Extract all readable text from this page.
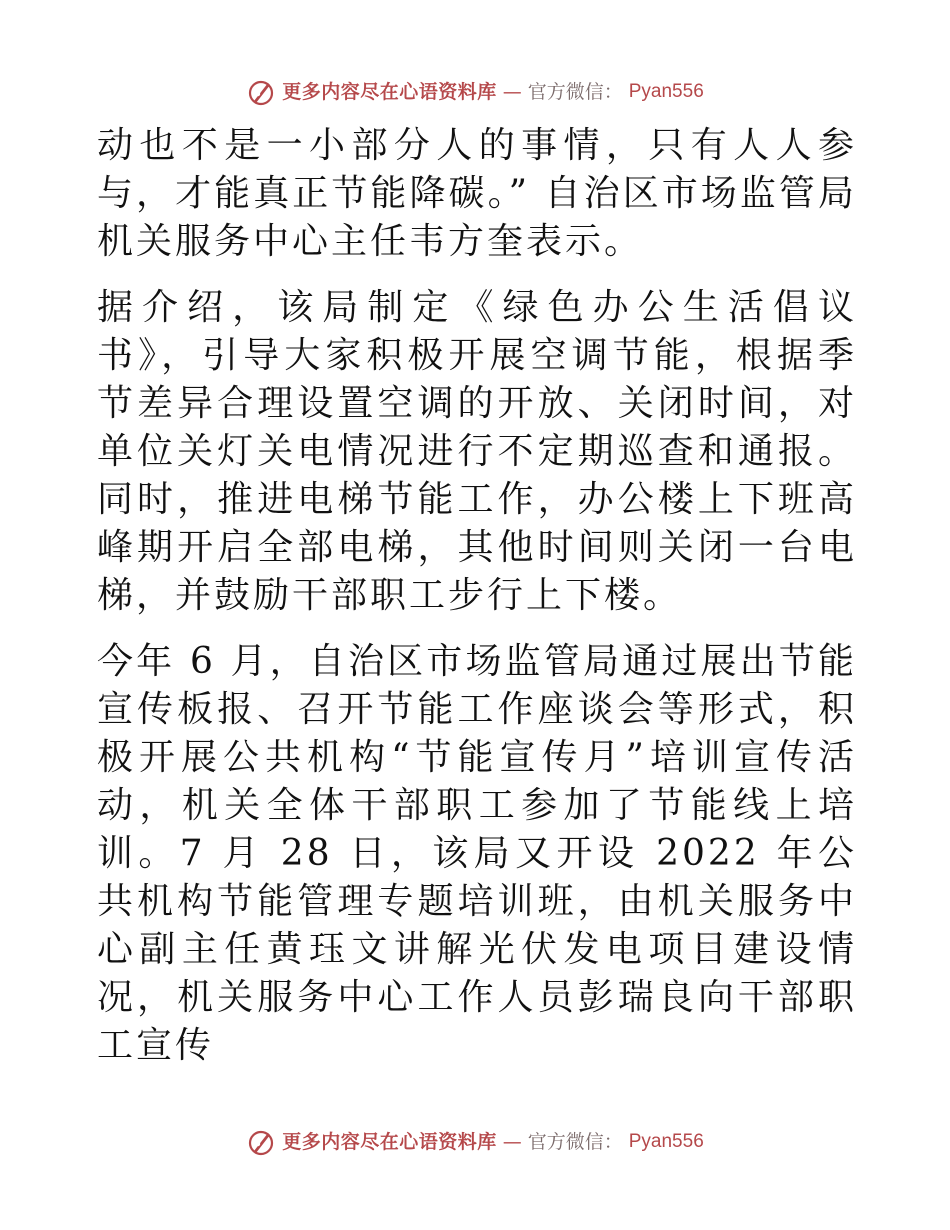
更多内容尽在心语资料库 — 官方微信： Pyan556

动也不是一小部分人的事情，只有人人参与，才能真正节能降碳。” 自治区市场监管局机关服务中心主任韦方奎表示。

据介绍，该局制定《绿色办公生活倡议书》，引导大家积极开展空调节能，根据季节差异合理设置空调的开放、关闭时间，对单位关灯关电情况进行不定期巡查和通报。同时，推进电梯节能工作，办公楼上下班高峰期开启全部电梯，其他时间则关闭一台电梯，并鼓励干部职工步行上下楼。

今年 6 月，自治区市场监管局通过展出节能宣传板报、召开节能工作座谈会等形式，积极开展公共机构“节能宣传月”培训宣传活动，机关全体干部职工参加了节能线上培训。7 月 28 日，该局又开设 2022 年公共机构节能管理专题培训班，由机关服务中心副主任黄珏文讲解光伏发电项目建设情况，机关服务中心工作人员彭瑞良向干部职工宣传

更多内容尽在心语资料库 — 官方微信： Pyan556
